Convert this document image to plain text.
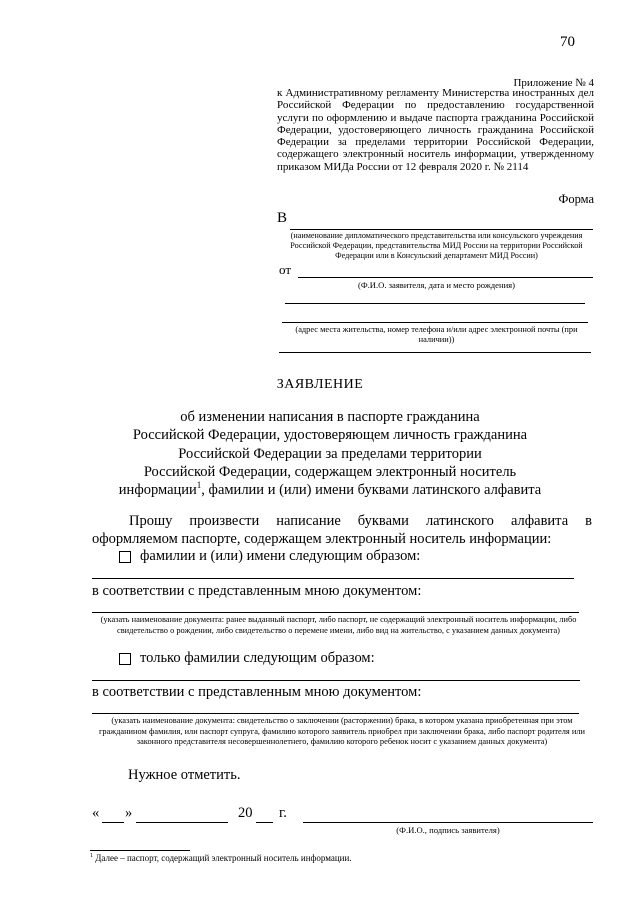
70
Приложение № 4
к Административному регламенту Министерства иностранных дел Российской Федерации по предоставлению государственной услуги по оформлению и выдаче паспорта гражданина Российской Федерации, удостоверяющего личность гражданина Российской Федерации за пределами территории Российской Федерации, содержащего электронный носитель информации, утвержденному приказом МИДа России от 12 февраля 2020 г. № 2114
Форма
В
(наименование дипломатического представительства или консульского учреждения Российской Федерации, представительства МИД России на территории Российской Федерации или в Консульский департамент МИД России)
от
(Ф.И.О. заявителя, дата и место рождения)
(адрес места жительства, номер телефона и/или адрес электронной почты (при наличии))
ЗАЯВЛЕНИЕ
об изменении написания в паспорте гражданина
Российской Федерации, удостоверяющем личность гражданина
Российской Федерации за пределами территории
Российской Федерации, содержащем электронный носитель
информации$^1$, фамилии и (или) имени буквами латинского алфавита
Прошу произвести написание буквами латинского алфавита в
оформляемом паспорте, содержащем электронный носитель информации:
фамилии и (или) имени следующим образом:
в соответствии с представленным мною документом:
(указать наименование документа: ранее выданный паспорт, либо паспорт, не содержащий электронный носитель информации, либо свидетельство о рождении, либо свидетельство о перемене имени, либо вид на жительство, с указанием данных документа)
только фамилии следующим образом:
в соответствии с представленным мною документом:
(указать наименование документа: свидетельство о заключении (расторжении) брака, в котором указана приобретенная при этом гражданином фамилия, или паспорт супруга, фамилию которого заявитель приобрел при заключении брака, либо паспорт родителя или законного представителя несовершеннолетнего, фамилию которого ребенок носит с указанием данных документа)
Нужное отметить.
« »	20 г.
(Ф.И.О., подпись заявителя)
$^1$ Далее – паспорт, содержащий электронный носитель информации.
